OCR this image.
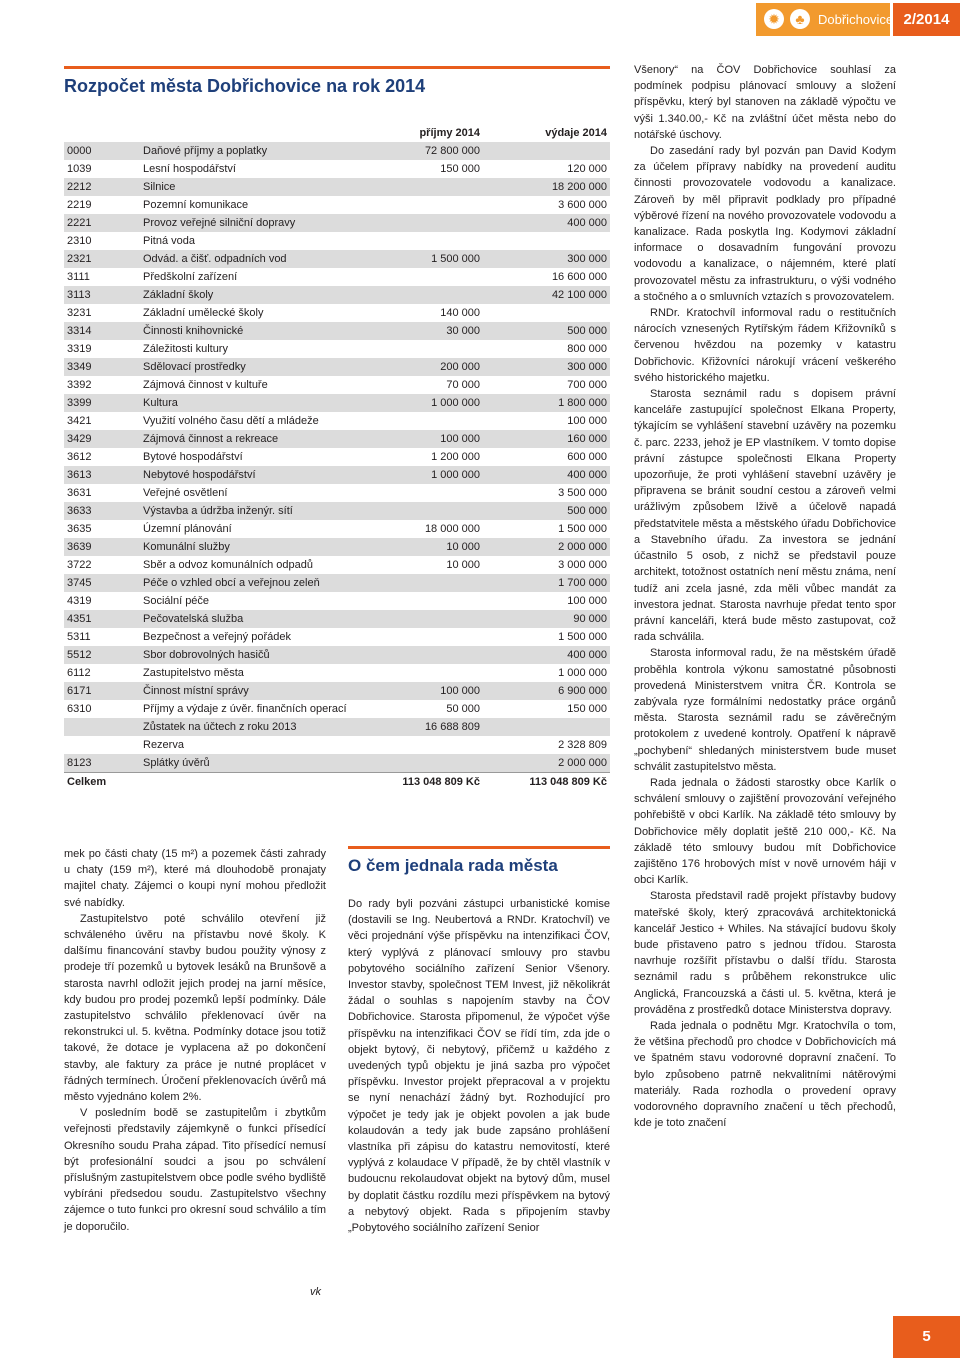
✹	♣	Dobřichovice 2/2014
Rozpočet města Dobřichovice na rok 2014
		příjmy 2014	výdaje 2014
0000	Daňové příjmy a poplatky	72 800 000	
1039	Lesní hospodářství	150 000	120 000
2212	Silnice		18 200 000
2219	Pozemní komunikace		3 600 000
2221	Provoz veřejné silniční dopravy		400 000
2310	Pitná voda		
2321	Odvád. a čišť. odpadních vod	1 500 000	300 000
3111	Předškolní zařízení		16 600 000
3113	Základní školy		42 100 000
3231	Základní umělecké školy	140 000	
3314	Činnosti knihovnické	30 000	500 000
3319	Záležitosti kultury		800 000
3349	Sdělovací prostředky	200 000	300 000
3392	Zájmová činnost v kultuře	70 000	700 000
3399	Kultura	1 000 000	1 800 000
3421	Využití volného času dětí a mládeže		100 000
3429	Zájmová činnost a rekreace	100 000	160 000
3612	Bytové hospodářství	1 200 000	600 000
3613	Nebytové hospodářství	1 000 000	400 000
3631	Veřejné osvětlení		3 500 000
3633	Výstavba a údržba inženýr. sítí		500 000
3635	Územní plánování	18 000 000	1 500 000
3639	Komunální služby	10 000	2 000 000
3722	Sběr a odvoz komunálních odpadů	10 000	3 000 000
3745	Péče o vzhled obcí a veřejnou zeleň		1 700 000
4319	Sociální péče		100 000
4351	Pečovatelská služba		90 000
5311	Bezpečnost a veřejný pořádek		1 500 000
5512	Sbor dobrovolných hasičů		400 000
6112	Zastupitelstvo města		1 000 000
6171	Činnost místní správy	100 000	6 900 000
6310	Příjmy a výdaje z úvěr. finančních operací	50 000	150 000
	Zůstatek na účtech z roku 2013	16 688 809	
	Rezerva		2 328 809
8123	Splátky úvěrů		2 000 000
Celkem		113 048 809 Kč	113 048 809 Kč

mek po části chaty (15 m²) a pozemek části zahrady u chaty (159 m²), které má dlouhodobě pronajaty majitel chaty. Zájemci o koupi nyní mohou předložit své nabídky.

Zastupitelstvo poté schválilo otevření již schváleného úvěru na přístavbu nové školy. K dalšímu financování stavby budou použity výnosy z prodeje tří pozemků u bytovek lesáků na Brunšově a starosta navrhl odložit jejich prodej na jarní měsíce, kdy budou pro prodej pozemků lepší podmínky. Dále zastupitelstvo schválilo překlenovací úvěr na rekonstrukci ul. 5. května. Podmínky dotace jsou totiž takové, že dotace je vyplacena až po dokončení stavby, ale faktury za práce je nutné proplácet v řádných termínech. Úročení překlenovacích úvěrů má město vyjednáno kolem 2%.

V posledním bodě se zastupitelům i zbytkům veřejnosti představily zájemkyně o funkci přísedící Okresního soudu Praha západ. Tito přísedící nemusí být profesionální soudci a jsou po schválení příslušným zastupitelstvem obce podle svého bydliště vybíráni předsedou soudu. Zastupitelstvo všechny zájemce o tuto funkci pro okresní soud schválilo a tím je doporučilo.

vk
O čem jednala rada města

Do rady byli pozváni zástupci urbanistické komise (dostavili se Ing. Neubertová a RNDr. Kratochvíl) ve věci projednání výše příspěvku na intenzifikaci ČOV, který vyplývá z plánovací smlouvy pro stavbu pobytového sociálního zařízení Senior Všenory. Investor stavby, společnost TEM Invest, již několikrát žádal o souhlas s napojením stavby na ČOV Dobřichovice. Starosta připomenul, že výpočet výše příspěvku na intenzifikaci ČOV se řídí tím, zda jde o objekt bytový, či nebytový, přičemž u každého z uvedených typů objektu je jiná sazba pro výpočet příspěvku. Investor projekt přepracoval a v projektu se nyní nenachází žádný byt. Rozhodující pro výpočet je tedy jak je objekt povolen a jak bude kolaudován a tedy jak bude zapsáno prohlášení vlastníka při zápisu do katastru nemovitostí, které vyplývá z kolaudace V případě, že by chtěl vlastník v budoucnu rekolaudovat objekt na bytový dům, musel by doplatit částku rozdílu mezi příspěvkem na bytový a nebytový objekt. Rada s připojením stavby „Pobytového sociálního zařízení Senior

Všenory“ na ČOV Dobřichovice souhlasí za podmínek podpisu plánovací smlouvy a složení příspěvku, který byl stanoven na základě výpočtu ve výši 1.340.00,- Kč na zvláštní účet města nebo do notářské úschovy.

Do zasedání rady byl pozván pan David Kodym za účelem přípravy nabídky na provedení auditu činnosti provozovatele vodovodu a kanalizace. Zároveň by měl připravit podklady pro případné výběrové řízení na nového provozovatele vodovodu a kanalizace. Rada poskytla Ing. Kodymovi základní informace o dosavadním fungování provozu vodovodu a kanalizace, o nájemném, které platí provozovatel městu za infrastrukturu, o výši vodného a stočného a o smluvních vztazích s provozovatelem.

RNDr. Kratochvíl informoval radu o restitučních nárocích vznesených Rytířským řádem Křižovníků s červenou hvězdou na pozemky v katastru Dobřichovic. Křižovníci nárokují vrácení veškerého svého historického majetku.

Starosta seznámil radu s dopisem právní kanceláře zastupující společnost Elkana Property, týkajícím se vyhlášení stavební uzávěry na pozemku č. parc. 2233, jehož je EP vlastníkem. V tomto dopise právní zástupce společnosti Elkana Property upozorňuje, že proti vyhlášení stavební uzávěry je připravena se bránit soudní cestou a zároveň velmi urážlivým způsobem lživě a účelově napadá předstatvitele města a městského úřadu Dobřichovice a Stavebního úřadu. Za investora se jednání účastnilo 5 osob, z nichž se představil pouze architekt, totožnost ostatních není městu známa, není tudíž ani zcela jasné, zda měli vůbec mandát za investora jednat. Starosta navrhuje předat tento spor právní kanceláři, která bude město zastupovat, což rada schválila.

Starosta informoval radu, že na městském úřadě proběhla kontrola výkonu samostatné působnosti provedená Ministerstvem vnitra ČR. Kontrola se zabývala ryze formálními nedostatky práce orgánů města. Starosta seznámil radu se závěrečným protokolem z uvedené kontroly. Opatření k nápravě „pochybení“ shledaných ministerstvem bude muset schválit zastupitelstvo města.

Rada jednala o žádosti starostky obce Karlík o schválení smlouvy o zajištění provozování veřejného pohřebiště v obci Karlík. Na základě této smlouvy by Dobřichovice měly doplatit ještě 210 000,- Kč. Na základě této smlouvy budou mít Dobřichovice zajištěno 176 hrobových míst v nově urnovém háji v obci Karlík.

Starosta představil radě projekt přístavby budovy mateřské školy, který zpracovává architektonická kancelář Jestico + Whiles. Na stávající budovu školy bude přistaveno patro s jednou třídou. Starosta navrhuje rozšířit přístavbu o další třídu. Starosta seznámil radu s průběhem rekonstrukce ulic Anglická, Francouzská a části ul. 5. května, která je prováděna z prostředků dotace Ministerstva dopravy.

Rada jednala o podnětu Mgr. Kratochvíla o tom, že většina přechodů pro chodce v Dobřichovicích má ve špatném stavu vodorovné dopravní značení. To bylo způsobeno patrně nekvalitními nátěrovými materiály. Rada rozhodla o provedení opravy vodorovného dopravního značení u těch přechodů, kde je toto značení

5
